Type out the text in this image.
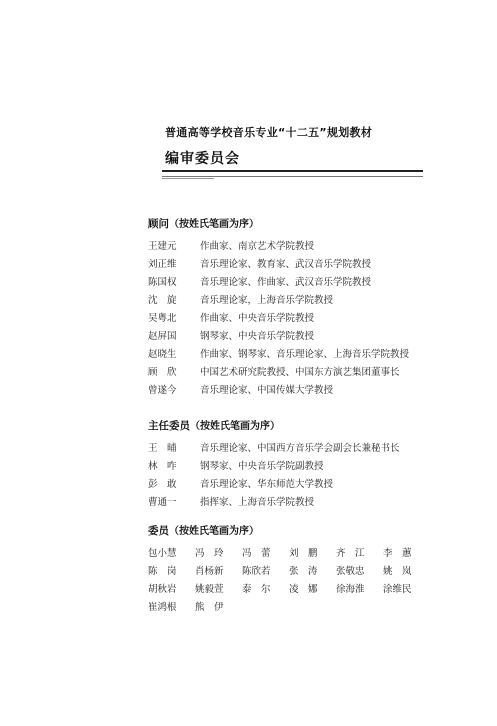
普通高等学校音乐专业“十二五”规划教材
编审委员会
顾问（按姓氏笔画为序）
王建元 作曲家、南京艺术学院教授
刘正维 音乐理论家、教育家、武汉音乐学院教授
陈国权 音乐理论家、作曲家、武汉音乐学院教授
沈　旋 音乐理论家，上海音乐学院教授
吴粤北 作曲家、中央音乐学院教授
赵屏国 钢琴家、中央音乐学院教授
赵晓生 作曲家、钢琴家、音乐理论家、上海音乐学院教授
顾　欣 中国艺术研究院教授、中国东方演艺集团董事长
曾遂今 音乐理论家、中国传媒大学教授
主任委员（按姓氏笔画为序）
王　晡 音乐理论家、中国西方音乐学会副会长兼秘书长
林　咋 钢琴家、中央音乐学院副教授
彭　敢 音乐理论家、华东师范大学教授
曹通一 指挥家、上海音乐学院教授
委员（按姓氏笔画为序）
包小慧 冯　玲 冯　蕾 刘　鹏 齐　江 李　蕙
陈　岗 肖杨新 陈欣若 张　涛 张敬忠 姚　岚
胡秋岩 姚毅萱 泰　尔 凌　娜 徐海淮 涂维民
崔鸿根 熊　伊
